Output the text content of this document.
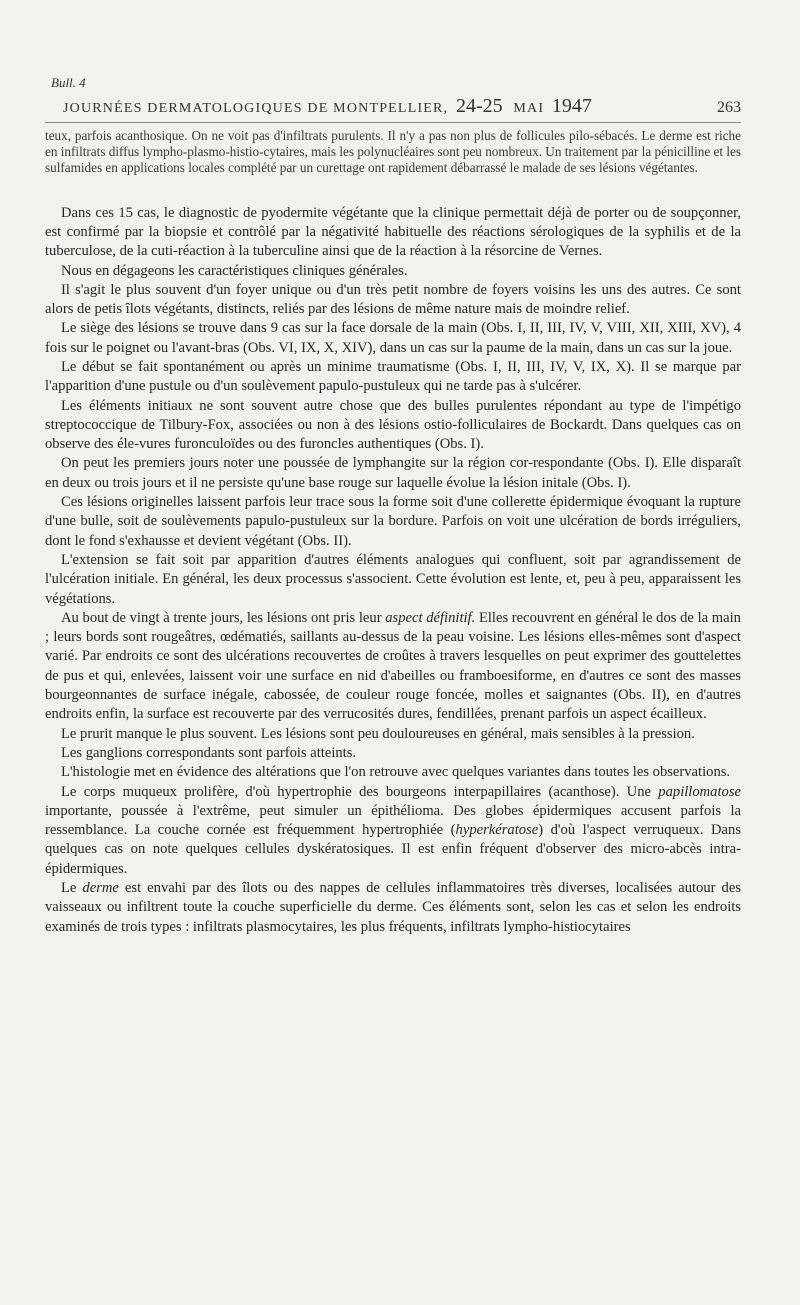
Bull. 4
JOURNÉES DERMATOLOGIQUES DE MONTPELLIER, 24-25 MAI 1947	263

teux, parfois acanthosique. On ne voit pas d'infiltrats purulents. Il n'y a pas non plus de follicules pilo-sébacés. Le derme est riche en infiltrats diffus lympho-plasmo-histio-cytaires, mais les polynucléaires sont peu nombreux. Un traitement par la pénicilline et les sulfamides en applications locales complété par un curettage ont rapidement débarrassé le malade de ses lésions végétantes.

Dans ces 15 cas, le diagnostic de pyodermite végétante que la clinique permettait déjà de porter ou de soupçonner, est confirmé par la biopsie et contrôlé par la négativité habituelle des réactions sérologiques de la syphilis et de la tuberculose, de la cuti-réaction à la tuberculine ainsi que de la réaction à la résorcine de Vernes.

Nous en dégageons les caractéristiques cliniques générales.

Il s'agit le plus souvent d'un foyer unique ou d'un très petit nombre de foyers voisins les uns des autres. Ce sont alors de petis îlots végétants, distincts, reliés par des lésions de même nature mais de moindre relief.

Le siège des lésions se trouve dans 9 cas sur la face dorsale de la main (Obs. I, II, III, IV, V, VIII, XII, XIII, XV), 4 fois sur le poignet ou l'avant-bras (Obs. VI, IX, X, XIV), dans un cas sur la paume de la main, dans un cas sur la joue.

Le début se fait spontanément ou après un minime traumatisme (Obs. I, II, III, IV, V, IX, X). Il se marque par l'apparition d'une pustule ou d'un soulèvement papulo-pustuleux qui ne tarde pas à s'ulcérer.

Les éléments initiaux ne sont souvent autre chose que des bulles purulentes répondant au type de l'impétigo streptococcique de Tilbury-Fox, associées ou non à des lésions ostio-folliculaires de Bockardt. Dans quelques cas on observe des éle-vures furonculoïdes ou des furoncles authentiques (Obs. I).

On peut les premiers jours noter une poussée de lymphangite sur la région cor-respondante (Obs. I). Elle disparaît en deux ou trois jours et il ne persiste qu'une base rouge sur laquelle évolue la lésion initale (Obs. I).

Ces lésions originelles laissent parfois leur trace sous la forme soit d'une collerette épidermique évoquant la rupture d'une bulle, soit de soulèvements papulo-pustuleux sur la bordure. Parfois on voit une ulcération de bords irréguliers, dont le fond s'exhausse et devient végétant (Obs. II).

L'extension se fait soit par apparition d'autres éléments analogues qui confluent, soit par agrandissement de l'ulcération initiale. En général, les deux processus s'associent. Cette évolution est lente, et, peu à peu, apparaissent les végétations.

Au bout de vingt à trente jours, les lésions ont pris leur aspect définitif. Elles recouvrent en général le dos de la main ; leurs bords sont rougeâtres, œdématiés, saillants au-dessus de la peau voisine. Les lésions elles-mêmes sont d'aspect varié. Par endroits ce sont des ulcérations recouvertes de croûtes à travers lesquelles on peut exprimer des gouttelettes de pus et qui, enlevées, laissent voir une surface en nid d'abeilles ou framboesiforme, en d'autres ce sont des masses bourgeonnantes de surface inégale, cabossée, de couleur rouge foncée, molles et saignantes (Obs. II), en d'autres endroits enfin, la surface est recouverte par des verrucosités dures, fendillées, prenant parfois un aspect écailleux.

Le prurit manque le plus souvent. Les lésions sont peu douloureuses en général, mais sensibles à la pression.

Les ganglions correspondants sont parfois atteints.

L'histologie met en évidence des altérations que l'on retrouve avec quelques variantes dans toutes les observations.

Le corps muqueux prolifère, d'où hypertrophie des bourgeons interpapillaires (acanthose). Une papillomatose importante, poussée à l'extrême, peut simuler un épithélioma. Des globes épidermiques accusent parfois la ressemblance. La couche cornée est fréquemment hypertrophiée (hyperkératose) d'où l'aspect verruqueux. Dans quelques cas on note quelques cellules dyskératosiques. Il est enfin fréquent d'observer des micro-abcès intra-épidermiques.

Le derme est envahi par des îlots ou des nappes de cellules inflammatoires très diverses, localisées autour des vaisseaux ou infiltrent toute la couche superficielle du derme. Ces éléments sont, selon les cas et selon les endroits examinés de trois types : infiltrats plasmocytaires, les plus fréquents, infiltrats lympho-histiocytaires
